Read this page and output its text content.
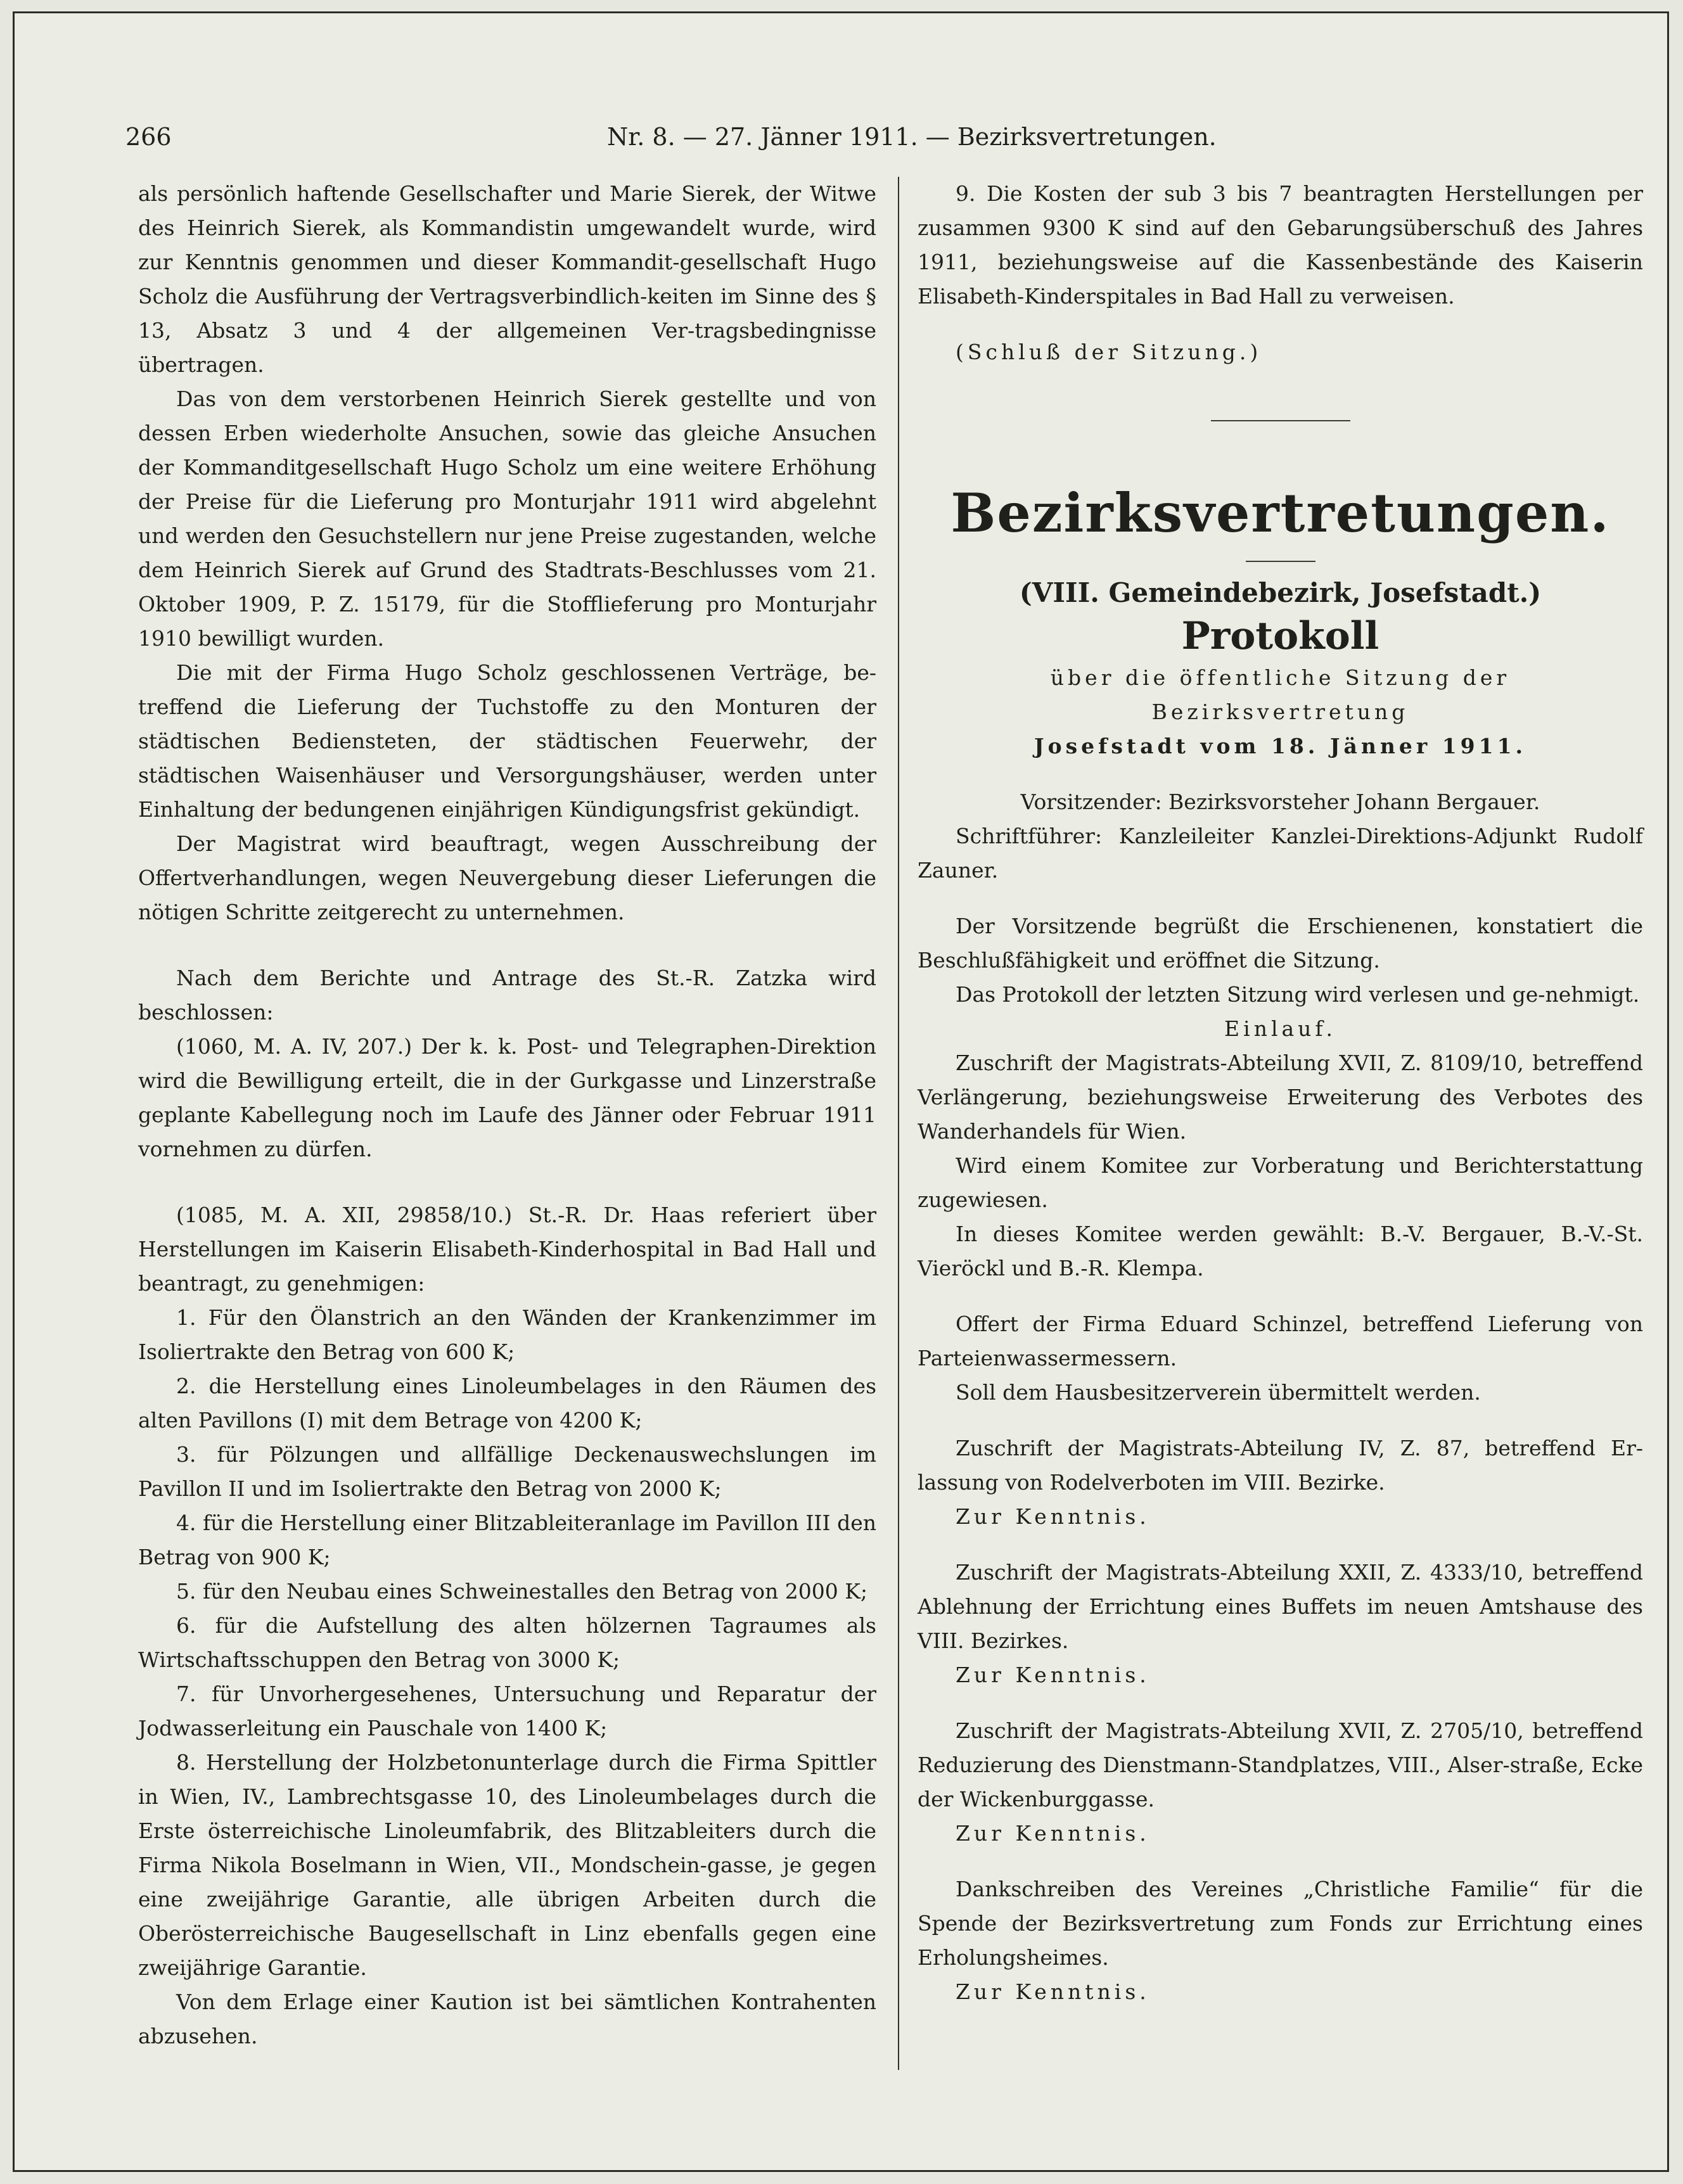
266	Nr. 8. — 27. Jänner 1911. — Bezirksvertretungen.

als persönlich haftende Gesellschafter und Marie Sierek, der Witwe des Heinrich Sierek, als Kommandistin umgewandelt wurde, wird zur Kenntnis genommen und dieser Kommandit-gesellschaft Hugo Scholz die Ausführung der Vertragsverbindlich-keiten im Sinne des § 13, Absatz 3 und 4 der allgemeinen Ver-tragsbedingnisse übertragen.

Das von dem verstorbenen Heinrich Sierek gestellte und von dessen Erben wiederholte Ansuchen, sowie das gleiche Ansuchen der Kommanditgesellschaft Hugo Scholz um eine weitere Erhöhung der Preise für die Lieferung pro Monturjahr 1911 wird abgelehnt und werden den Gesuchstellern nur jene Preise zugestanden, welche dem Heinrich Sierek auf Grund des Stadtrats-Beschlusses vom 21. Oktober 1909, P. Z. 15179, für die Stofflieferung pro Monturjahr 1910 bewilligt wurden.

Die mit der Firma Hugo Scholz geschlossenen Verträge, be-treffend die Lieferung der Tuchstoffe zu den Monturen der städtischen Bediensteten, der städtischen Feuerwehr, der städtischen Waisenhäuser und Versorgungshäuser, werden unter Einhaltung der bedungenen einjährigen Kündigungsfrist gekündigt.

Der Magistrat wird beauftragt, wegen Ausschreibung der Offertverhandlungen, wegen Neuvergebung dieser Lieferungen die nötigen Schritte zeitgerecht zu unternehmen.

Nach dem Berichte und Antrage des St.-R. Zatzka wird beschlossen:

(1060, M. A. IV, 207.) Der k. k. Post- und Telegraphen-Direktion wird die Bewilligung erteilt, die in der Gurkgasse und Linzerstraße geplante Kabellegung noch im Laufe des Jänner oder Februar 1911 vornehmen zu dürfen.

(1085, M. A. XII, 29858/10.) St.-R. Dr. Haas referiert über Herstellungen im Kaiserin Elisabeth-Kinderhospital in Bad Hall und beantragt, zu genehmigen:

1. Für den Ölanstrich an den Wänden der Krankenzimmer im Isoliertrakte den Betrag von 600 K;

2. die Herstellung eines Linoleumbelages in den Räumen des alten Pavillons (I) mit dem Betrage von 4200 K;

3. für Pölzungen und allfällige Deckenauswechslungen im Pavillon II und im Isoliertrakte den Betrag von 2000 K;

4. für die Herstellung einer Blitzableiteranlage im Pavillon III den Betrag von 900 K;

5. für den Neubau eines Schweinestalles den Betrag von 2000 K;

6. für die Aufstellung des alten hölzernen Tagraumes als Wirtschaftsschuppen den Betrag von 3000 K;

7. für Unvorhergesehenes, Untersuchung und Reparatur der Jodwasserleitung ein Pauschale von 1400 K;

8. Herstellung der Holzbetonunterlage durch die Firma Spittler in Wien, IV., Lambrechtsgasse 10, des Linoleumbelages durch die Erste österreichische Linoleumfabrik, des Blitzableiters durch die Firma Nikola Boselmann in Wien, VII., Mondschein-gasse, je gegen eine zweijährige Garantie, alle übrigen Arbeiten durch die Oberösterreichische Baugesellschaft in Linz ebenfalls gegen eine zweijährige Garantie.

Von dem Erlage einer Kaution ist bei sämtlichen Kontrahenten abzusehen.

9. Die Kosten der sub 3 bis 7 beantragten Herstellungen per zusammen 9300 K sind auf den Gebarungsüberschuß des Jahres 1911, beziehungsweise auf die Kassenbestände des Kaiserin Elisabeth-Kinderspitales in Bad Hall zu verweisen.

(Schluß der Sitzung.)

Bezirksvertretungen.
(VIII. Gemeindebezirk, Josefstadt.)
Protokoll

über die öffentliche Sitzung der Bezirksvertretung

Josefstadt vom 18. Jänner 1911.

Vorsitzender: Bezirksvorsteher Johann Bergauer.

Schriftführer: Kanzleileiter Kanzlei-Direktions-Adjunkt Rudolf Zauner.

Der Vorsitzende begrüßt die Erschienenen, konstatiert die Beschlußfähigkeit und eröffnet die Sitzung.

Das Protokoll der letzten Sitzung wird verlesen und ge-nehmigt.

Einlauf.

Zuschrift der Magistrats-Abteilung XVII, Z. 8109/10, betreffend Verlängerung, beziehungsweise Erweiterung des Verbotes des Wanderhandels für Wien.

Wird einem Komitee zur Vorberatung und Berichterstattung zugewiesen.

In dieses Komitee werden gewählt: B.-V. Bergauer, B.-V.-St. Vieröckl und B.-R. Klempa.

Offert der Firma Eduard Schinzel, betreffend Lieferung von Parteienwassermessern.

Soll dem Hausbesitzerverein übermittelt werden.

Zuschrift der Magistrats-Abteilung IV, Z. 87, betreffend Er-lassung von Rodelverboten im VIII. Bezirke.

Zur Kenntnis.

Zuschrift der Magistrats-Abteilung XXII, Z. 4333/10, betreffend Ablehnung der Errichtung eines Buffets im neuen Amtshause des VIII. Bezirkes.

Zur Kenntnis.

Zuschrift der Magistrats-Abteilung XVII, Z. 2705/10, betreffend Reduzierung des Dienstmann-Standplatzes, VIII., Alser-straße, Ecke der Wickenburggasse.

Zur Kenntnis.

Dankschreiben des Vereines „Christliche Familie“ für die Spende der Bezirksvertretung zum Fonds zur Errichtung eines Erholungsheimes.

Zur Kenntnis.
